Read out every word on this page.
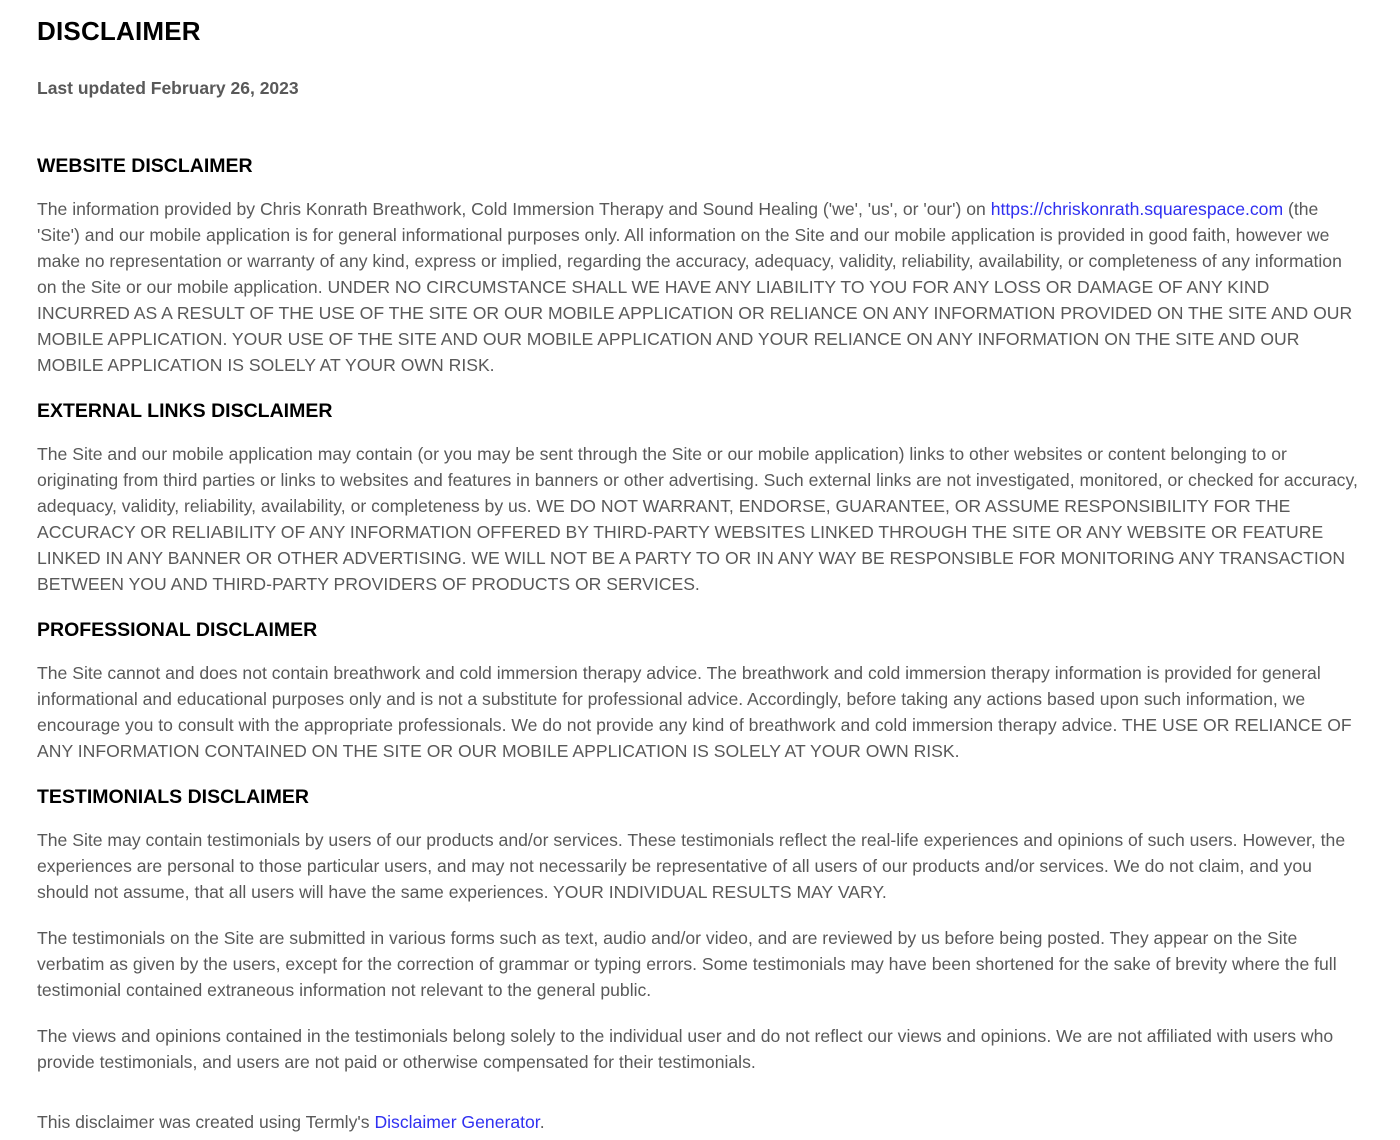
DISCLAIMER
Last updated February 26, 2023
WEBSITE DISCLAIMER

The information provided by Chris Konrath Breathwork, Cold Immersion Therapy and Sound Healing ('we', 'us', or 'our') on https://chriskonrath.squarespace.com (the 'Site') and our mobile application is for general informational purposes only. All information on the Site and our mobile application is provided in good faith, however we make no representation or warranty of any kind, express or implied, regarding the accuracy, adequacy, validity, reliability, availability, or completeness of any information on the Site or our mobile application. UNDER NO CIRCUMSTANCE SHALL WE HAVE ANY LIABILITY TO YOU FOR ANY LOSS OR DAMAGE OF ANY KIND INCURRED AS A RESULT OF THE USE OF THE SITE OR OUR MOBILE APPLICATION OR RELIANCE ON ANY INFORMATION PROVIDED ON THE SITE AND OUR MOBILE APPLICATION. YOUR USE OF THE SITE AND OUR MOBILE APPLICATION AND YOUR RELIANCE ON ANY INFORMATION ON THE SITE AND OUR MOBILE APPLICATION IS SOLELY AT YOUR OWN RISK.

EXTERNAL LINKS DISCLAIMER

The Site and our mobile application may contain (or you may be sent through the Site or our mobile application) links to other websites or content belonging to or originating from third parties or links to websites and features in banners or other advertising. Such external links are not investigated, monitored, or checked for accuracy, adequacy, validity, reliability, availability, or completeness by us. WE DO NOT WARRANT, ENDORSE, GUARANTEE, OR ASSUME RESPONSIBILITY FOR THE ACCURACY OR RELIABILITY OF ANY INFORMATION OFFERED BY THIRD-PARTY WEBSITES LINKED THROUGH THE SITE OR ANY WEBSITE OR FEATURE LINKED IN ANY BANNER OR OTHER ADVERTISING. WE WILL NOT BE A PARTY TO OR IN ANY WAY BE RESPONSIBLE FOR MONITORING ANY TRANSACTION BETWEEN YOU AND THIRD-PARTY PROVIDERS OF PRODUCTS OR SERVICES.

PROFESSIONAL DISCLAIMER

The Site cannot and does not contain breathwork and cold immersion therapy advice. The breathwork and cold immersion therapy information is provided for general informational and educational purposes only and is not a substitute for professional advice. Accordingly, before taking any actions based upon such information, we encourage you to consult with the appropriate professionals. We do not provide any kind of breathwork and cold immersion therapy advice. THE USE OR RELIANCE OF ANY INFORMATION CONTAINED ON THE SITE OR OUR MOBILE APPLICATION IS SOLELY AT YOUR OWN RISK.

TESTIMONIALS DISCLAIMER

The Site may contain testimonials by users of our products and/or services. These testimonials reflect the real-life experiences and opinions of such users. However, the experiences are personal to those particular users, and may not necessarily be representative of all users of our products and/or services. We do not claim, and you should not assume, that all users will have the same experiences. YOUR INDIVIDUAL RESULTS MAY VARY.

The testimonials on the Site are submitted in various forms such as text, audio and/or video, and are reviewed by us before being posted. They appear on the Site verbatim as given by the users, except for the correction of grammar or typing errors. Some testimonials may have been shortened for the sake of brevity where the full testimonial contained extraneous information not relevant to the general public.

The views and opinions contained in the testimonials belong solely to the individual user and do not reflect our views and opinions. We are not affiliated with users who provide testimonials, and users are not paid or otherwise compensated for their testimonials.

This disclaimer was created using Termly's Disclaimer Generator.
